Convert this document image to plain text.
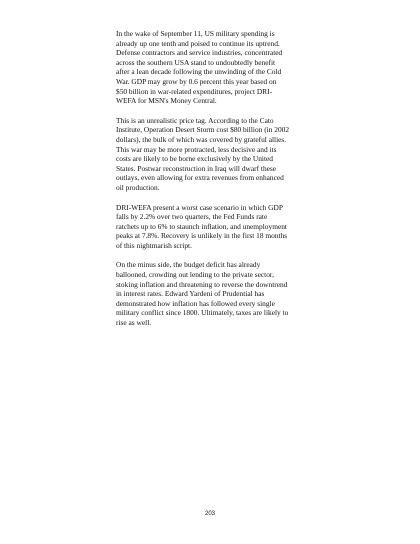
In the wake of September 11, US military spending is
already up one tenth and poised to continue its uptrend.
Defense contractors and service industries, concentrated
across the southern USA stand to undoubtedly benefit
after a lean decade following the unwinding of the Cold
War. GDP may grow by 0.6 percent this year based on
$50 billion in war-related expenditures, project DRI-
WEFA for MSN's Money Central.

This is an unrealistic price tag. According to the Cato
Institute, Operation Desert Storm cost $80 billion (in 2002
dollars), the bulk of which was covered by grateful allies.
This war may be more protracted, less decisive and its
costs are likely to be borne exclusively by the United
States. Postwar reconstruction in Iraq will dwarf these
outlays, even allowing for extra revenues from enhanced
oil production.

DRI-WEFA present a worst case scenario in which GDP
falls by 2.2% over two quarters, the Fed Funds rate
ratchets up to 6% to staunch inflation, and unemployment
peaks at 7.8%. Recovery is unlikely in the first 18 months
of this nightmarish script.

On the minus side, the budget deficit has already
ballooned, crowding out lending to the private sector,
stoking inflation and threatening to reverse the downtrend
in interest rates. Edward Yardeni of Prudential has
demonstrated how inflation has followed every single
military conflict since 1800. Ultimately, taxes are likely to
rise as well.

203
